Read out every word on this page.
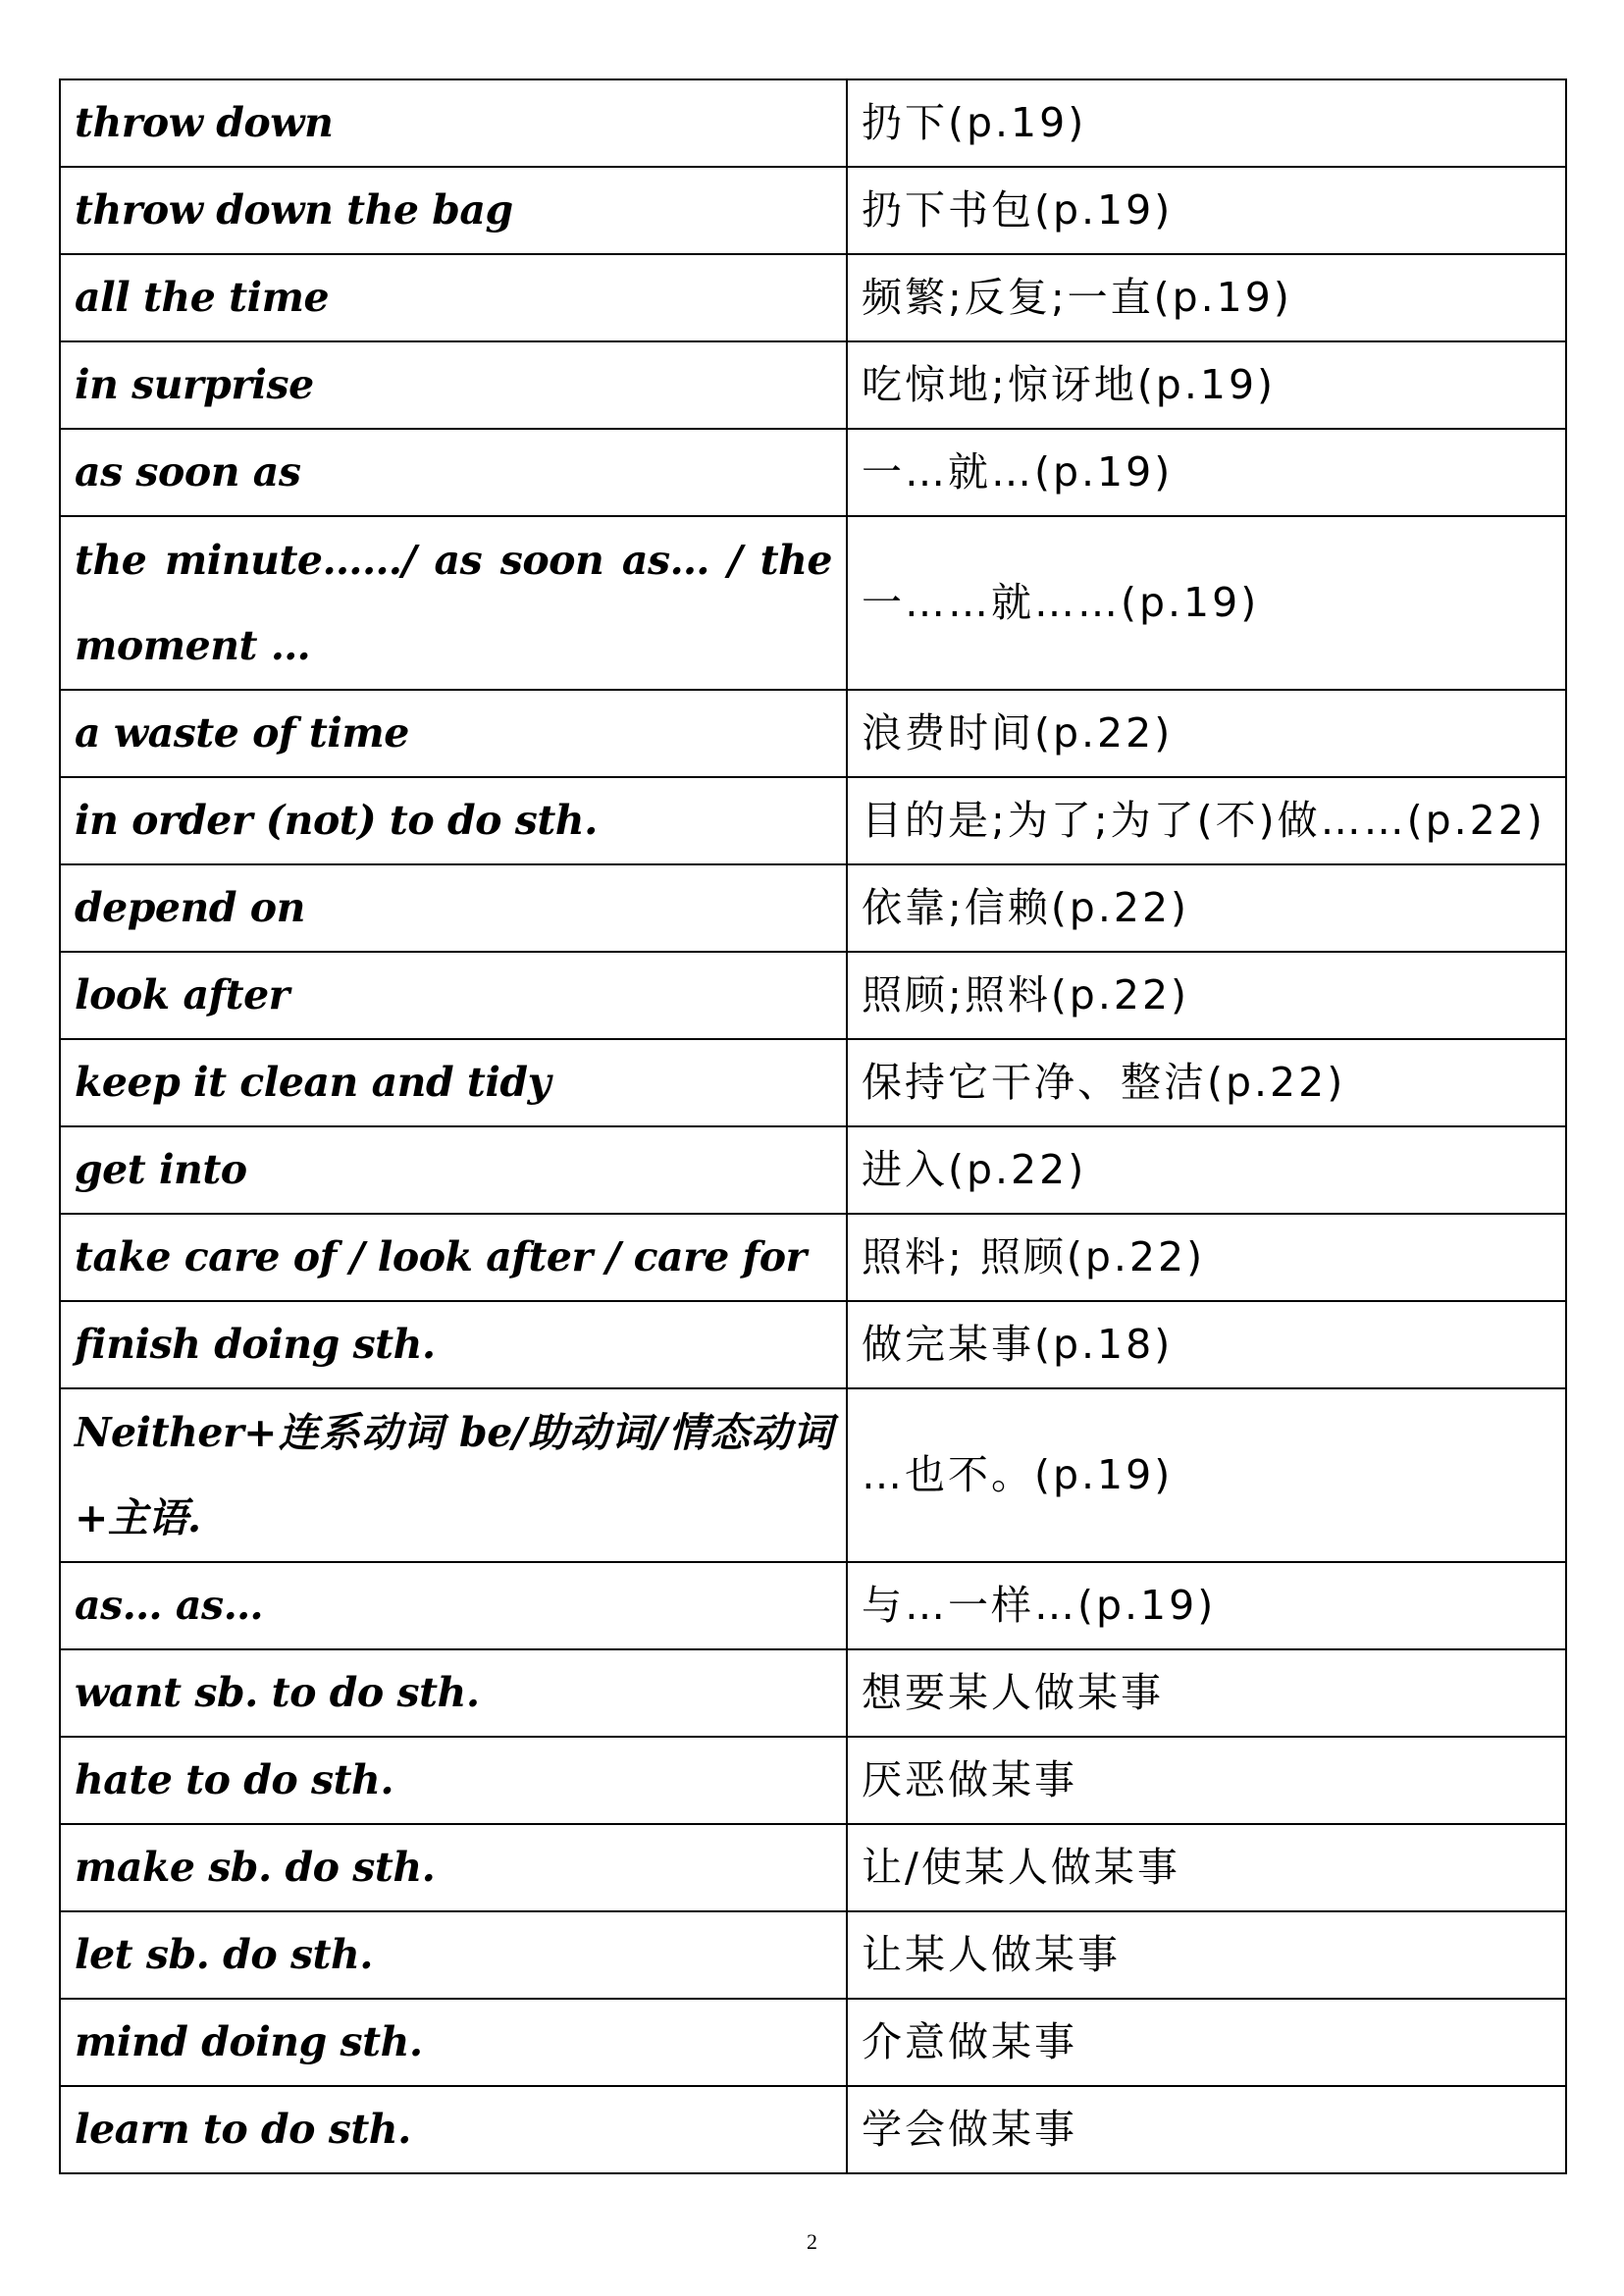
throw down	扔下(p.19)
throw down the bag	扔下书包(p.19)
all the time	频繁;反复;一直(p.19)
in surprise	吃惊地;惊讶地(p.19)
as soon as	一…就…(p.19)
the minute……/ as soon as… / the moment …	一……就……(p.19)
a waste of time	浪费时间(p.22)
in order (not) to do sth.	目的是;为了;为了(不)做……(p.22)
depend on	依靠;信赖(p.22)
look after	照顾;照料(p.22)
keep it clean and tidy	保持它干净、整洁(p.22)
get into	进入(p.22)
take care of / look after / care for	照料; 照顾(p.22)
finish doing sth.	做完某事(p.18)
Neither+连系动词 be/助动词/情态动词+主语.	…也不。(p.19)
as… as…	与…一样…(p.19)
want sb. to do sth.	想要某人做某事
hate to do sth.	厌恶做某事
make sb. do sth.	让/使某人做某事
let sb. do sth.	让某人做某事
mind doing sth.	介意做某事
learn to do sth.	学会做某事
2
